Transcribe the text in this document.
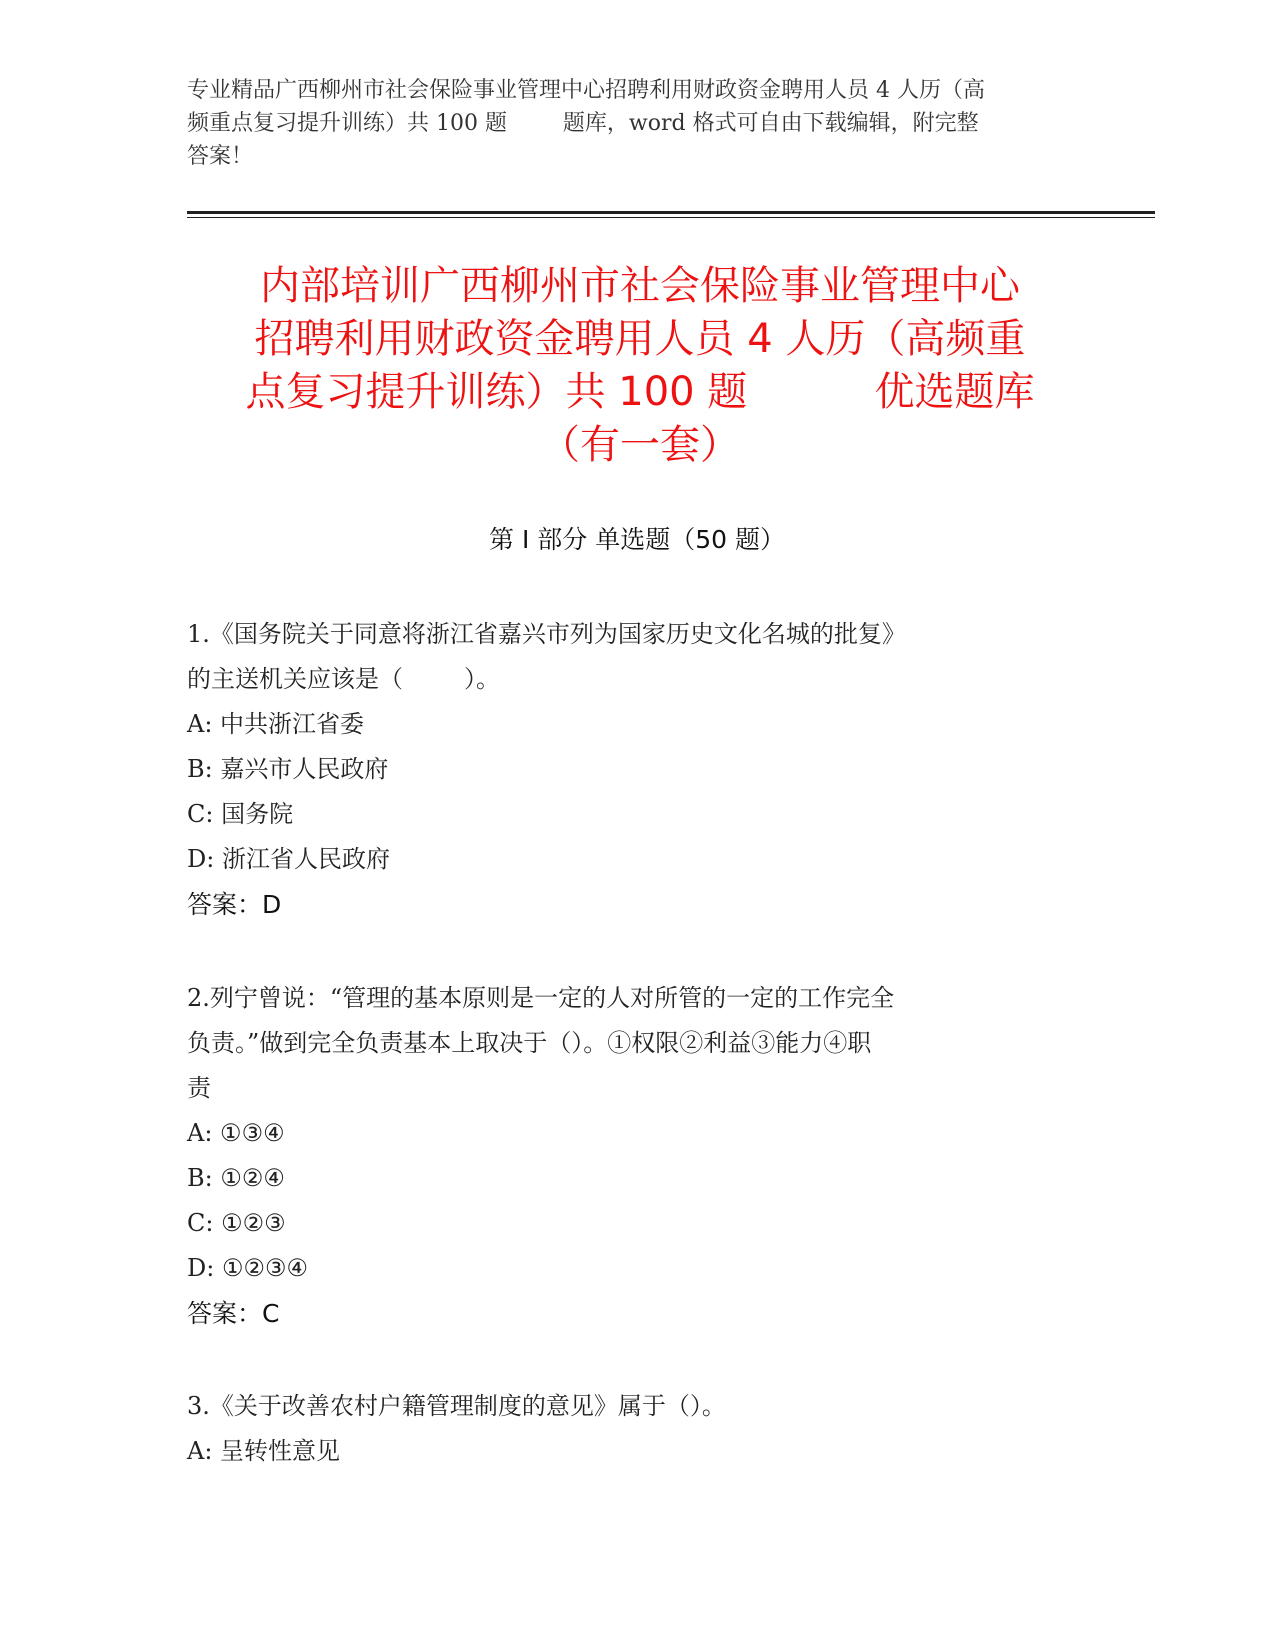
专业精品广西柳州市社会保险事业管理中心招聘利用财政资金聘用人员 4 人历（高
频重点复习提升训练）共 100 题        题库，word 格式可自由下载编辑，附完整
答案！
内部培训广西柳州市社会保险事业管理中心
招聘利用财政资金聘用人员 4 人历（高频重
点复习提升训练）共 100 题          优选题库
（有一套）
第 I 部分 单选题（50 题）
1.《国务院关于同意将浙江省嘉兴市列为国家历史文化名城的批复》
的主送机关应该是（        ）。
A: 中共浙江省委
B: 嘉兴市人民政府
C: 国务院
D: 浙江省人民政府
答案：D
2.列宁曾说：“管理的基本原则是一定的人对所管的一定的工作完全
负责。”做到完全负责基本上取决于（）。①权限②利益③能力④职
责
A: ①③④
B: ①②④
C: ①②③
D: ①②③④
答案：C
3.《关于改善农村户籍管理制度的意见》属于（）。
A: 呈转性意见
